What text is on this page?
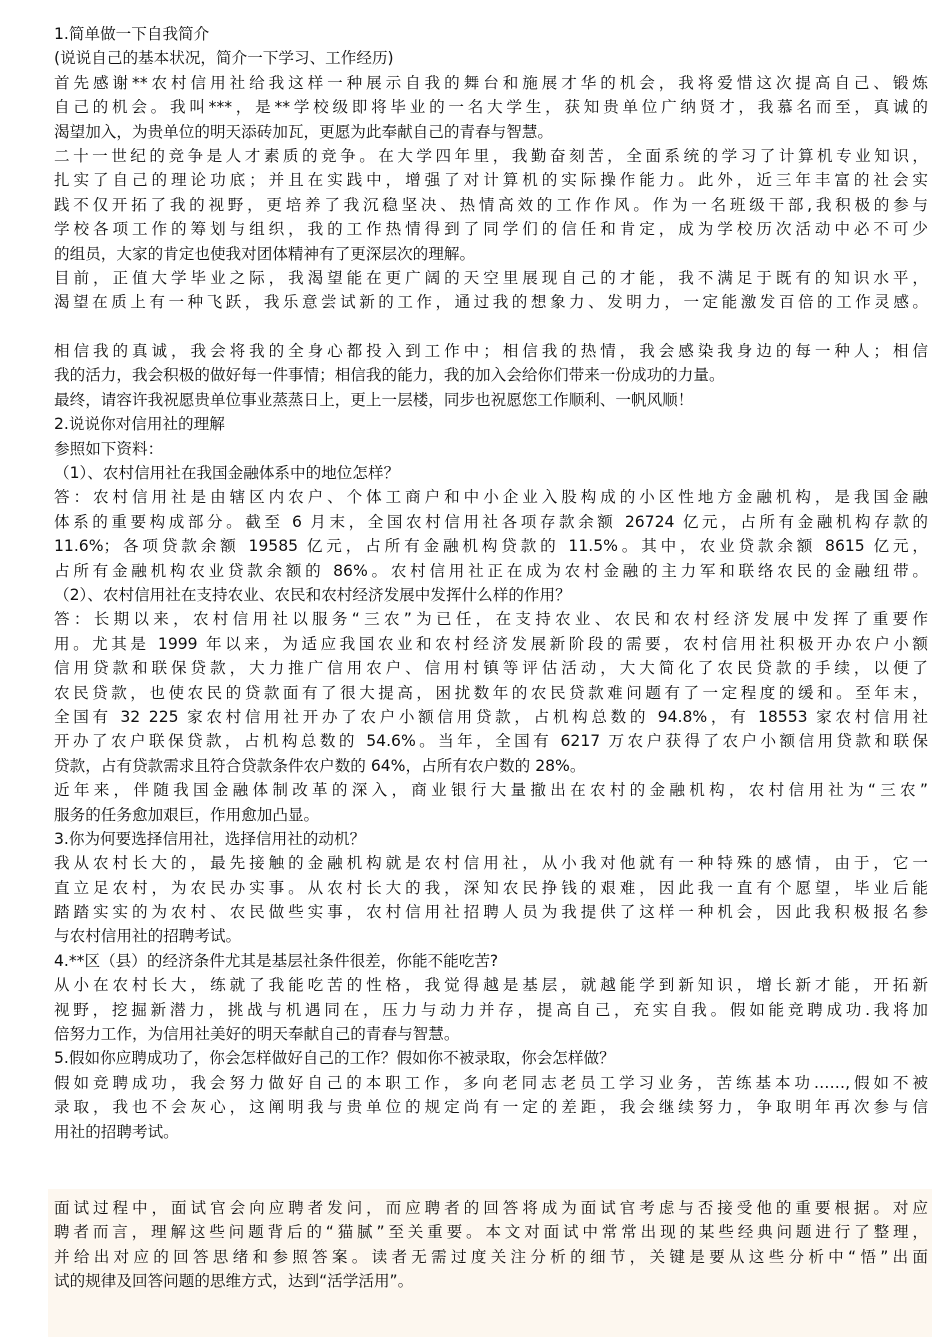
1.简单做一下自我简介
(说说自己的基本状况，简介一下学习、工作经历)
首先感谢**农村信用社给我这样一种展示自我的舞台和施展才华的机会，我将爱惜这次提高自己、锻炼
自己的机会。我叫***，是**学校级即将毕业的一名大学生，获知贵单位广纳贤才，我慕名而至，真诚的
渴望加入，为贵单位的明天添砖加瓦，更愿为此奉献自己的青春与智慧。
二十一世纪的竞争是人才素质的竞争。在大学四年里，我勤奋刻苦，全面系统的学习了计算机专业知识，
扎实了自己的理论功底；并且在实践中，增强了对计算机的实际操作能力。此外，近三年丰富的社会实
践不仅开拓了我的视野，更培养了我沉稳坚决、热情高效的工作作风。作为一名班级干部,我积极的参与
学校各项工作的筹划与组织，我的工作热情得到了同学们的信任和肯定，成为学校历次活动中必不可少
的组员，大家的肯定也使我对团体精神有了更深层次的理解。
目前，正值大学毕业之际，我渴望能在更广阔的天空里展现自己的才能，我不满足于既有的知识水平，
渴望在质上有一种飞跃，我乐意尝试新的工作，通过我的想象力、发明力，一定能激发百倍的工作灵感。
相信我的真诚，我会将我的全身心都投入到工作中；相信我的热情，我会感染我身边的每一种人；相信
我的活力，我会积极的做好每一件事情；相信我的能力，我的加入会给你们带来一份成功的力量。
最终，请容许我祝愿贵单位事业蒸蒸日上，更上一层楼，同步也祝愿您工作顺利、一帆风顺！
2.说说你对信用社的理解
参照如下资料：
（1）、农村信用社在我国金融体系中的地位怎样？
答：农村信用社是由辖区内农户、个体工商户和中小企业入股构成的小区性地方金融机构，是我国金融
体系的重要构成部分。截至 6 月末，全国农村信用社各项存款余额 26724 亿元，占所有金融机构存款的
11.6%；各项贷款余额 19585 亿元，占所有金融机构贷款的 11.5%。其中，农业贷款余额 8615 亿元，
占所有金融机构农业贷款余额的 86%。农村信用社正在成为农村金融的主力军和联络农民的金融纽带。
（2）、农村信用社在支持农业、农民和农村经济发展中发挥什么样的作用？
答：长期以来，农村信用社以服务“三农”为已任，在支持农业、农民和农村经济发展中发挥了重要作
用。尤其是 1999 年以来，为适应我国农业和农村经济发展新阶段的需要，农村信用社积极开办农户小额
信用贷款和联保贷款，大力推广信用农户、信用村镇等评估活动，大大简化了农民贷款的手续，以便了
农民贷款，也使农民的贷款面有了很大提高，困扰数年的农民贷款难问题有了一定程度的缓和。至年末，
全国有 32 225 家农村信用社开办了农户小额信用贷款，占机构总数的 94.8%，有 18553 家农村信用社
开办了农户联保贷款，占机构总数的 54.6%。当年，全国有 6217 万农户获得了农户小额信用贷款和联保
贷款，占有贷款需求且符合贷款条件农户数的 64%，占所有农户数的 28%。
近年来，伴随我国金融体制改革的深入，商业银行大量撤出在农村的金融机构，农村信用社为“三农”
服务的任务愈加艰巨，作用愈加凸显。
3.你为何要选择信用社，选择信用社的动机？
我从农村长大的，最先接触的金融机构就是农村信用社，从小我对他就有一种特殊的感情，由于，它一
直立足农村，为农民办实事。从农村长大的我，深知农民挣钱的艰难，因此我一直有个愿望，毕业后能
踏踏实实的为农村、农民做些实事，农村信用社招聘人员为我提供了这样一种机会，因此我积极报名参
与农村信用社的招聘考试。
4.**区（县）的经济条件尤其是基层社条件很差，你能不能吃苦?
从小在农村长大，练就了我能吃苦的性格，我觉得越是基层，就越能学到新知识，增长新才能，开拓新
视野，挖掘新潜力，挑战与机遇同在，压力与动力并存，提高自己，充实自我。假如能竞聘成功.我将加
倍努力工作，为信用社美好的明天奉献自己的青春与智慧。
5.假如你应聘成功了，你会怎样做好自己的工作？假如你不被录取，你会怎样做？
假如竞聘成功，我会努力做好自己的本职工作，多向老同志老员工学习业务，苦练基本功……,假如不被
录取，我也不会灰心，这阐明我与贵单位的规定尚有一定的差距，我会继续努力，争取明年再次参与信
用社的招聘考试。
面试过程中，面试官会向应聘者发问，而应聘者的回答将成为面试官考虑与否接受他的重要根据。对应
聘者而言，理解这些问题背后的“猫腻”至关重要。本文对面试中常常出现的某些经典问题进行了整理，
并给出对应的回答思绪和参照答案。读者无需过度关注分析的细节，关键是要从这些分析中“悟”出面
试的规律及回答问题的思维方式，达到“活学活用”。
